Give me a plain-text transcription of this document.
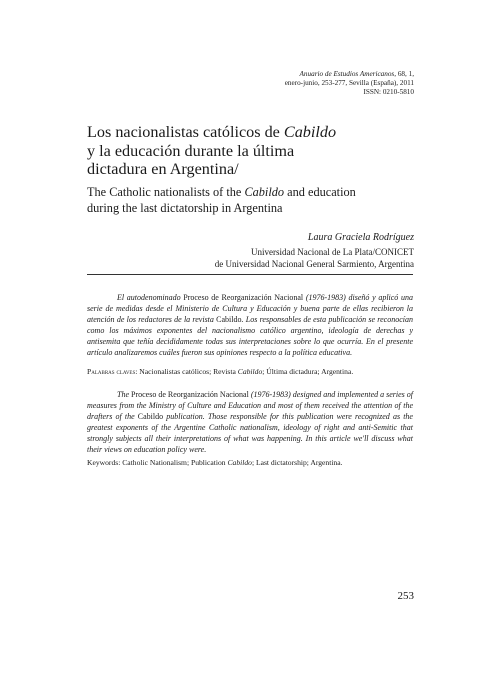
Anuario de Estudios Americanos, 68, 1,
enero-junio, 253-277, Sevilla (España), 2011
ISSN: 0210-5810
Los nacionalistas católicos de Cabildo
y la educación durante la última
dictadura en Argentina/
The Catholic nationalists of the Cabildo and education
during the last dictatorship in Argentina
Laura Graciela Rodríguez
Universidad Nacional de La Plata/CONICET
de Universidad Nacional General Sarmiento, Argentina

El autodenominado Proceso de Reorganización Nacional (1976-1983) diseñó y aplicó una serie de medidas desde el Ministerio de Cultura y Educación y buena parte de ellas recibieron la atención de los redactores de la revista Cabildo. Los responsables de esta publicación se reconocían como los máximos exponentes del nacionalismo católico argentino, ideología de derechas y antisemita que teñía decididamente todas sus interpretaciones sobre lo que ocurría. En el presente artículo analizaremos cuáles fueron sus opiniones respecto a la política educativa.

Palabras claves: Nacionalistas católicos; Revista Cabildo; Última dictadura; Argentina.

The Proceso de Reorganización Nacional (1976-1983) designed and implemented a series of measures from the Ministry of Culture and Education and most of them received the attention of the drafters of the Cabildo publication. Those responsible for this publication were recognized as the greatest exponents of the Argentine Catholic nationalism, ideology of right and anti-Semitic that strongly subjects all their interpretations of what was happening. In this article we'll discuss what their views on education policy were.

Keywords: Catholic Nationalism; Publication Cabildo; Last dictatorship; Argentina.
253
